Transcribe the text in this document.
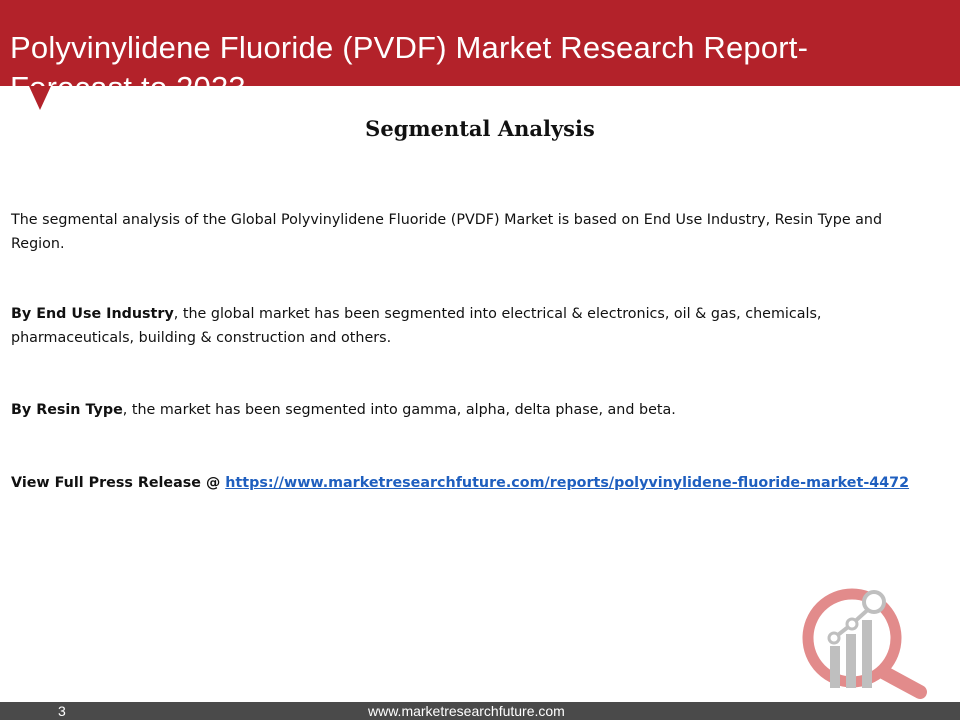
Polyvinylidene Fluoride (PVDF) Market Research Report- Forecast to 2023
Segmental Analysis

The segmental analysis of the Global Polyvinylidene Fluoride (PVDF) Market is based on End Use Industry, Resin Type and Region.

By End Use Industry, the global market has been segmented into electrical & electronics, oil & gas, chemicals, pharmaceuticals, building & construction and others.

By Resin Type, the market has been segmented into gamma, alpha, delta phase, and beta.

View Full Press Release @ https://www.marketresearchfuture.com/reports/polyvinylidene-fluoride-market-4472

3	www.marketresearchfuture.com
